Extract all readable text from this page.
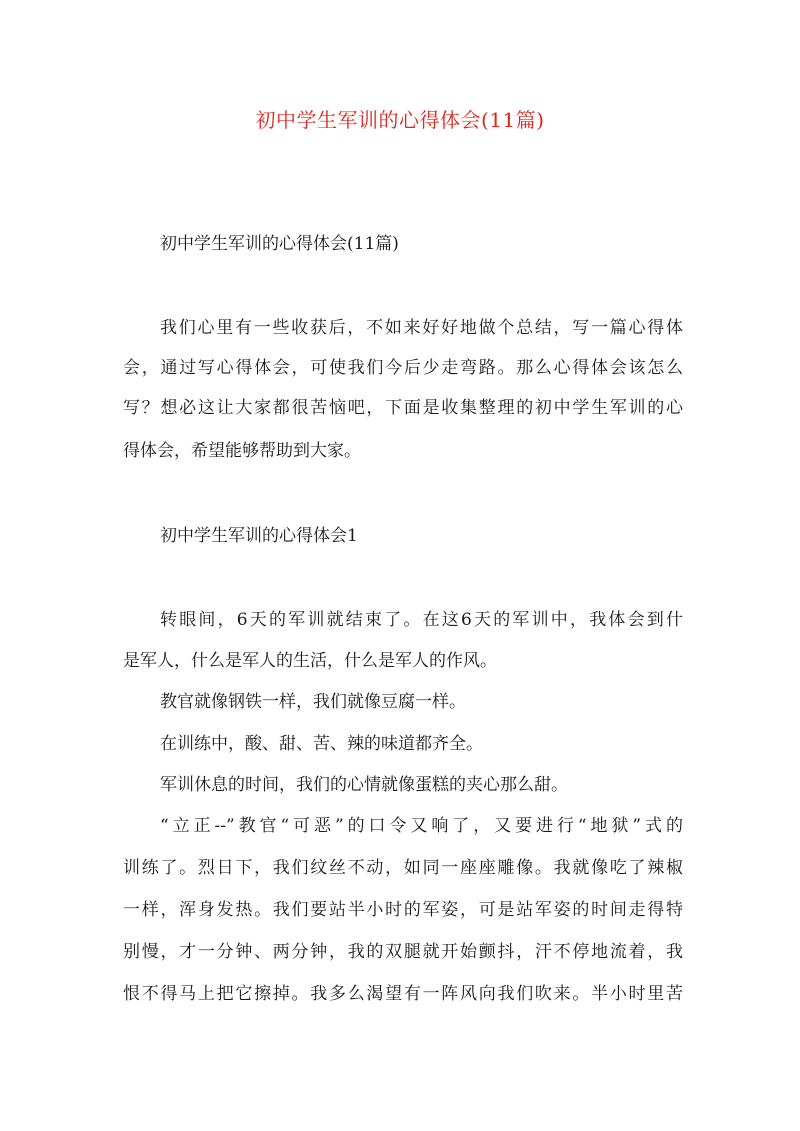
初中学生军训的心得体会(11篇)
初中学生军训的心得体会(11篇)
我们心里有一些收获后，不如来好好地做个总结，写一篇心得体
会，通过写心得体会，可使我们今后少走弯路。那么心得体会该怎么
写？想必这让大家都很苦恼吧，下面是收集整理的初中学生军训的心
得体会，希望能够帮助到大家。
初中学生军训的心得体会1
转眼间，6天的军训就结束了。在这6天的军训中，我体会到什
是军人，什么是军人的生活，什么是军人的作风。
教官就像钢铁一样，我们就像豆腐一样。
在训练中，酸、甜、苦、辣的味道都齐全。
军训休息的时间，我们的心情就像蛋糕的夹心那么甜。
“立正--”教官“可恶”的口令又响了，又要进行“地狱”式的
训练了。烈日下，我们纹丝不动，如同一座座雕像。我就像吃了辣椒
一样，浑身发热。我们要站半小时的军姿，可是站军姿的时间走得特
别慢，才一分钟、两分钟，我的双腿就开始颤抖，汗不停地流着，我
恨不得马上把它擦掉。我多么渴望有一阵风向我们吹来。半小时里苦
